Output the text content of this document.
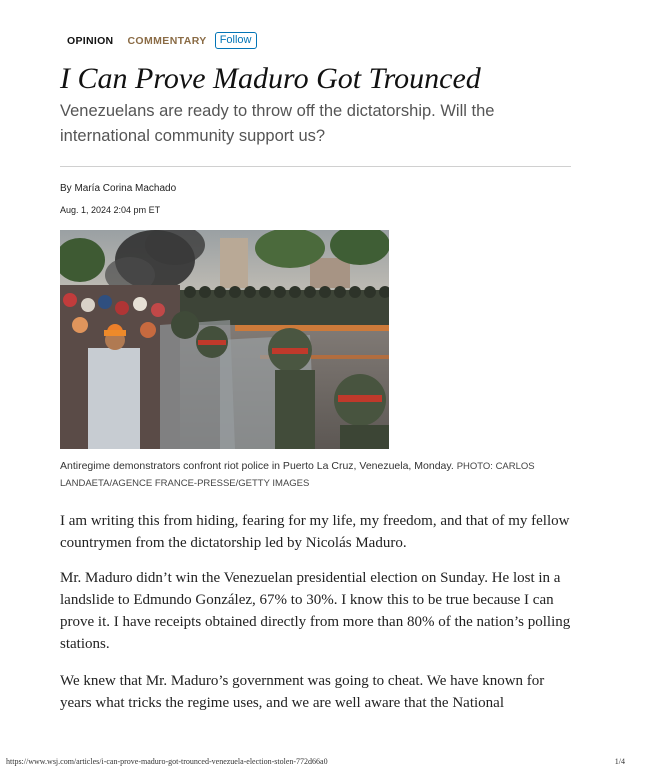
OPINION COMMENTARY	Follow
I Can Prove Maduro Got Trounced

Venezuelans are ready to throw off the dictatorship. Will the international community support us?

By María Corina Machado
Aug. 1, 2024 2:04 pm ET

Antiregime demonstrators confront riot police in Puerto La Cruz, Venezuela, Monday. PHOTO: CARLOS LANDAETA/AGENCE FRANCE-PRESSE/GETTY IMAGES

I am writing this from hiding, fearing for my life, my freedom, and that of my fellow countrymen from the dictatorship led by Nicolás Maduro.

Mr. Maduro didn’t win the Venezuelan presidential election on Sunday. He lost in a landslide to Edmundo González, 67% to 30%. I know this to be true because I can prove it. I have receipts obtained directly from more than 80% of the nation’s polling stations.

We knew that Mr. Maduro’s government was going to cheat. We have known for years what tricks the regime uses, and we are well aware that the National

https://www.wsj.com/articles/i-can-prove-maduro-got-trounced-venezuela-election-stolen-772d66a0	1/4
